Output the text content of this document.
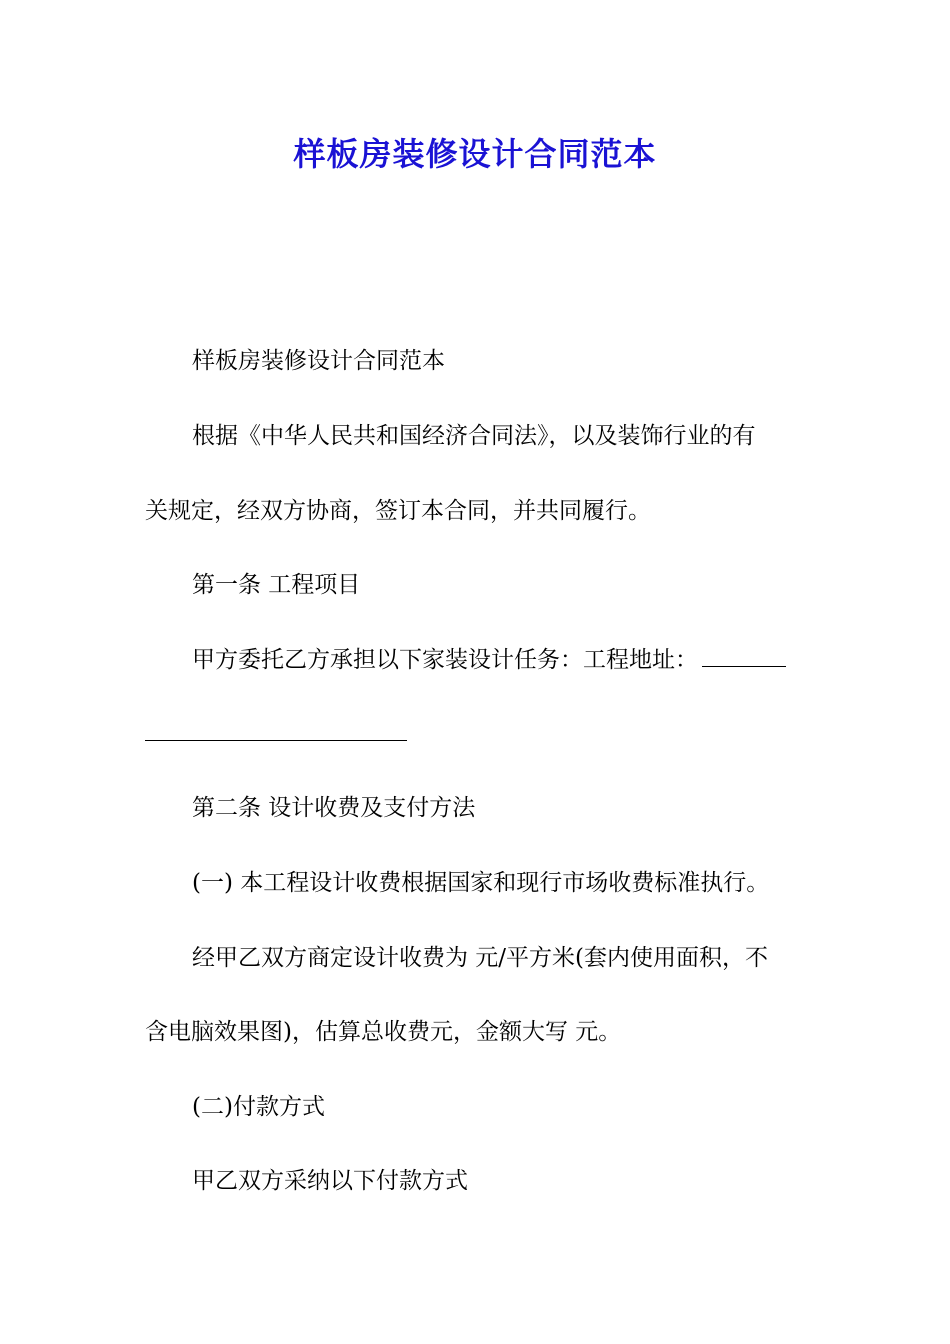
样板房装修设计合同范本
样板房装修设计合同范本
根据《中华人民共和国经济合同法》，以及装饰行业的有
关规定，经双方协商，签订本合同，并共同履行。
第一条 工程项目
甲方委托乙方承担以下家装设计任务：工程地址：
第二条 设计收费及支付方法
(一) 本工程设计收费根据国家和现行市场收费标准执行。
经甲乙双方商定设计收费为 元/平方米(套内使用面积，不
含电脑效果图)，估算总收费元，金额大写 元。
(二)付款方式
甲乙双方采纳以下付款方式
